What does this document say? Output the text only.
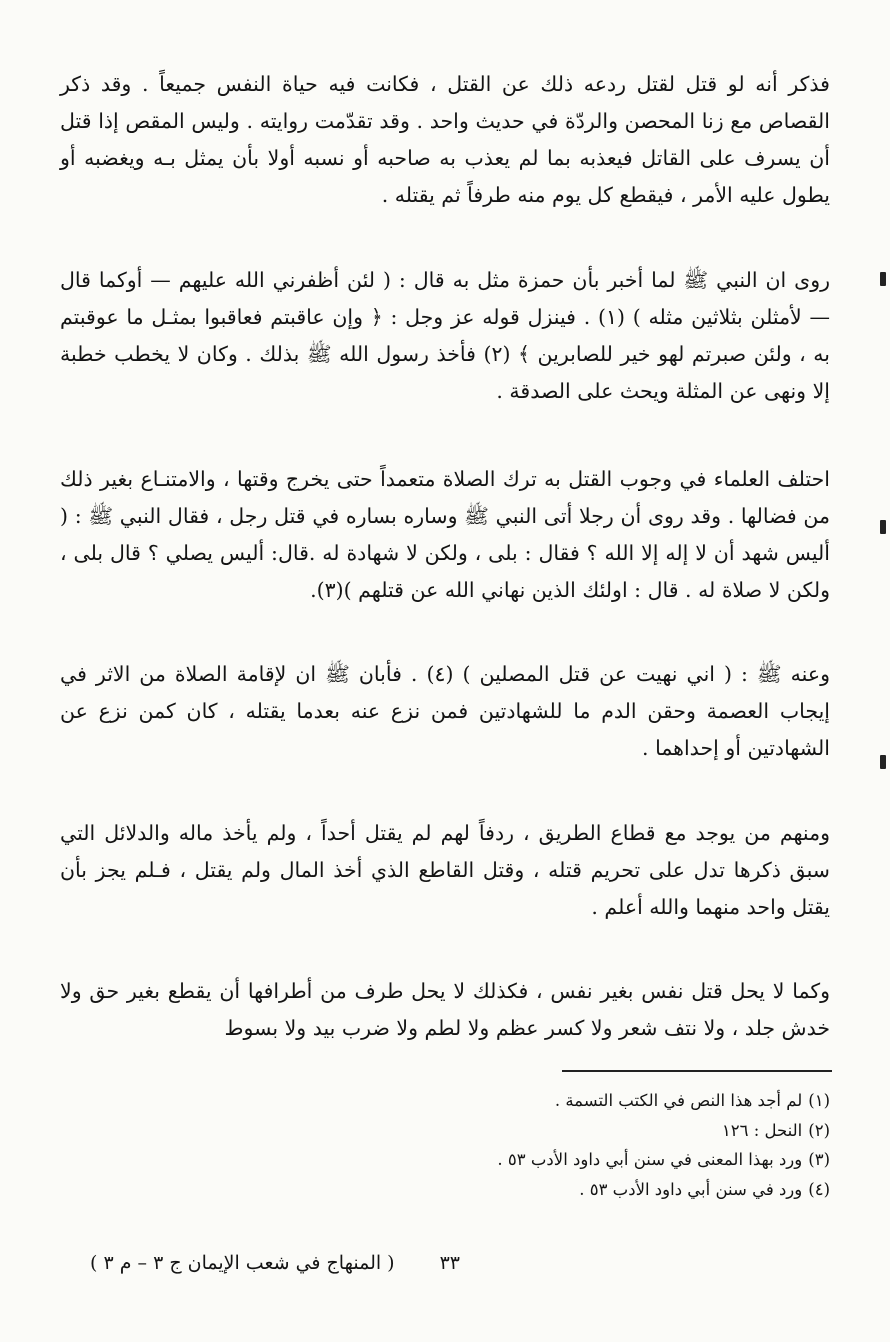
فذكر أنه لو قتل لقتل ردعه ذلك عن القتل ، فكانت فيه حياة النفس جميعاً . وقد ذكر القصاص مع زنا المحصن والردّة في حديث واحد . وقد تقدّمت روايته . وليس المقص إذا قتل أن يسرف على القاتل فيعذبه بما لم يعذب به صاحبه أو نسبه أولا بأن يمثل بـه ويغضبه أو يطول عليه الأمر ، فيقطع كل يوم منه طرفاً ثم يقتله .

روى ان النبي ﷺ لما أخبر بأن حمزة مثل به قال : ( لئن أظفرني الله عليهم — أوكما قال — لأمثلن بثلاثين مثله ) (١) . فينزل قوله عز وجل : ﴿ وإن عاقبتم فعاقبوا بمثـل ما عوقبتم به ، ولئن صبرتم لهو خير للصابرين ﴾ (٢) فأخذ رسول الله ﷺ بذلك . وكان لا يخطب خطبة إلا ونهى عن المثلة ويحث على الصدقة .

احتلف العلماء في وجوب القتل به ترك الصلاة متعمداً حتى يخرج وقتها ، والامتنـاع بغير ذلك من فضالها . وقد روى أن رجلا أتى النبي ﷺ وساره بساره في قتل رجل ، فقال النبي ﷺ : ( أليس شهد أن لا إله إلا الله ؟ فقال : بلى ، ولكن لا شهادة له .قال: أليس يصلي ؟ قال بلى ، ولكن لا صلاة له . قال : اولئك الذين نهاني الله عن قتلهم )(٣).

وعنه ﷺ : ( اني نهيت عن قتل المصلين ) (٤) . فأبان ﷺ ان لإقامة الصلاة من الاثر في إيجاب العصمة وحقن الدم ما للشهادتين فمن نزع عنه بعدما يقتله ، كان كمن نزع عن الشهادتين أو إحداهما .

ومنهم من يوجد مع قطاع الطريق ، ردفاً لهم لم يقتل أحداً ، ولم يأخذ ماله والدلائل التي سبق ذكرها تدل على تحريم قتله ، وقتل القاطع الذي أخذ المال ولم يقتل ، فـلم يجز بأن يقتل واحد منهما والله أعلم .

وكما لا يحل قتل نفس بغير نفس ، فكذلك لا يحل طرف من أطرافها أن يقطع بغير حق ولا خدش جلد ، ولا نتف شعر ولا كسر عظم ولا لطم ولا ضرب بيد ولا بسوط

(١)لم أجد هذا النص في الكتب التسمة .
(٢)النحل : ١٢٦
(٣)ورد بهذا المعنى في سنن أبي داود الأدب ٥٣ .
(٤)ورد في سنن أبي داود الأدب ٥٣ .
٣٣
( المنهاج في شعب الإيمان ج ٣ – م ٣ )
